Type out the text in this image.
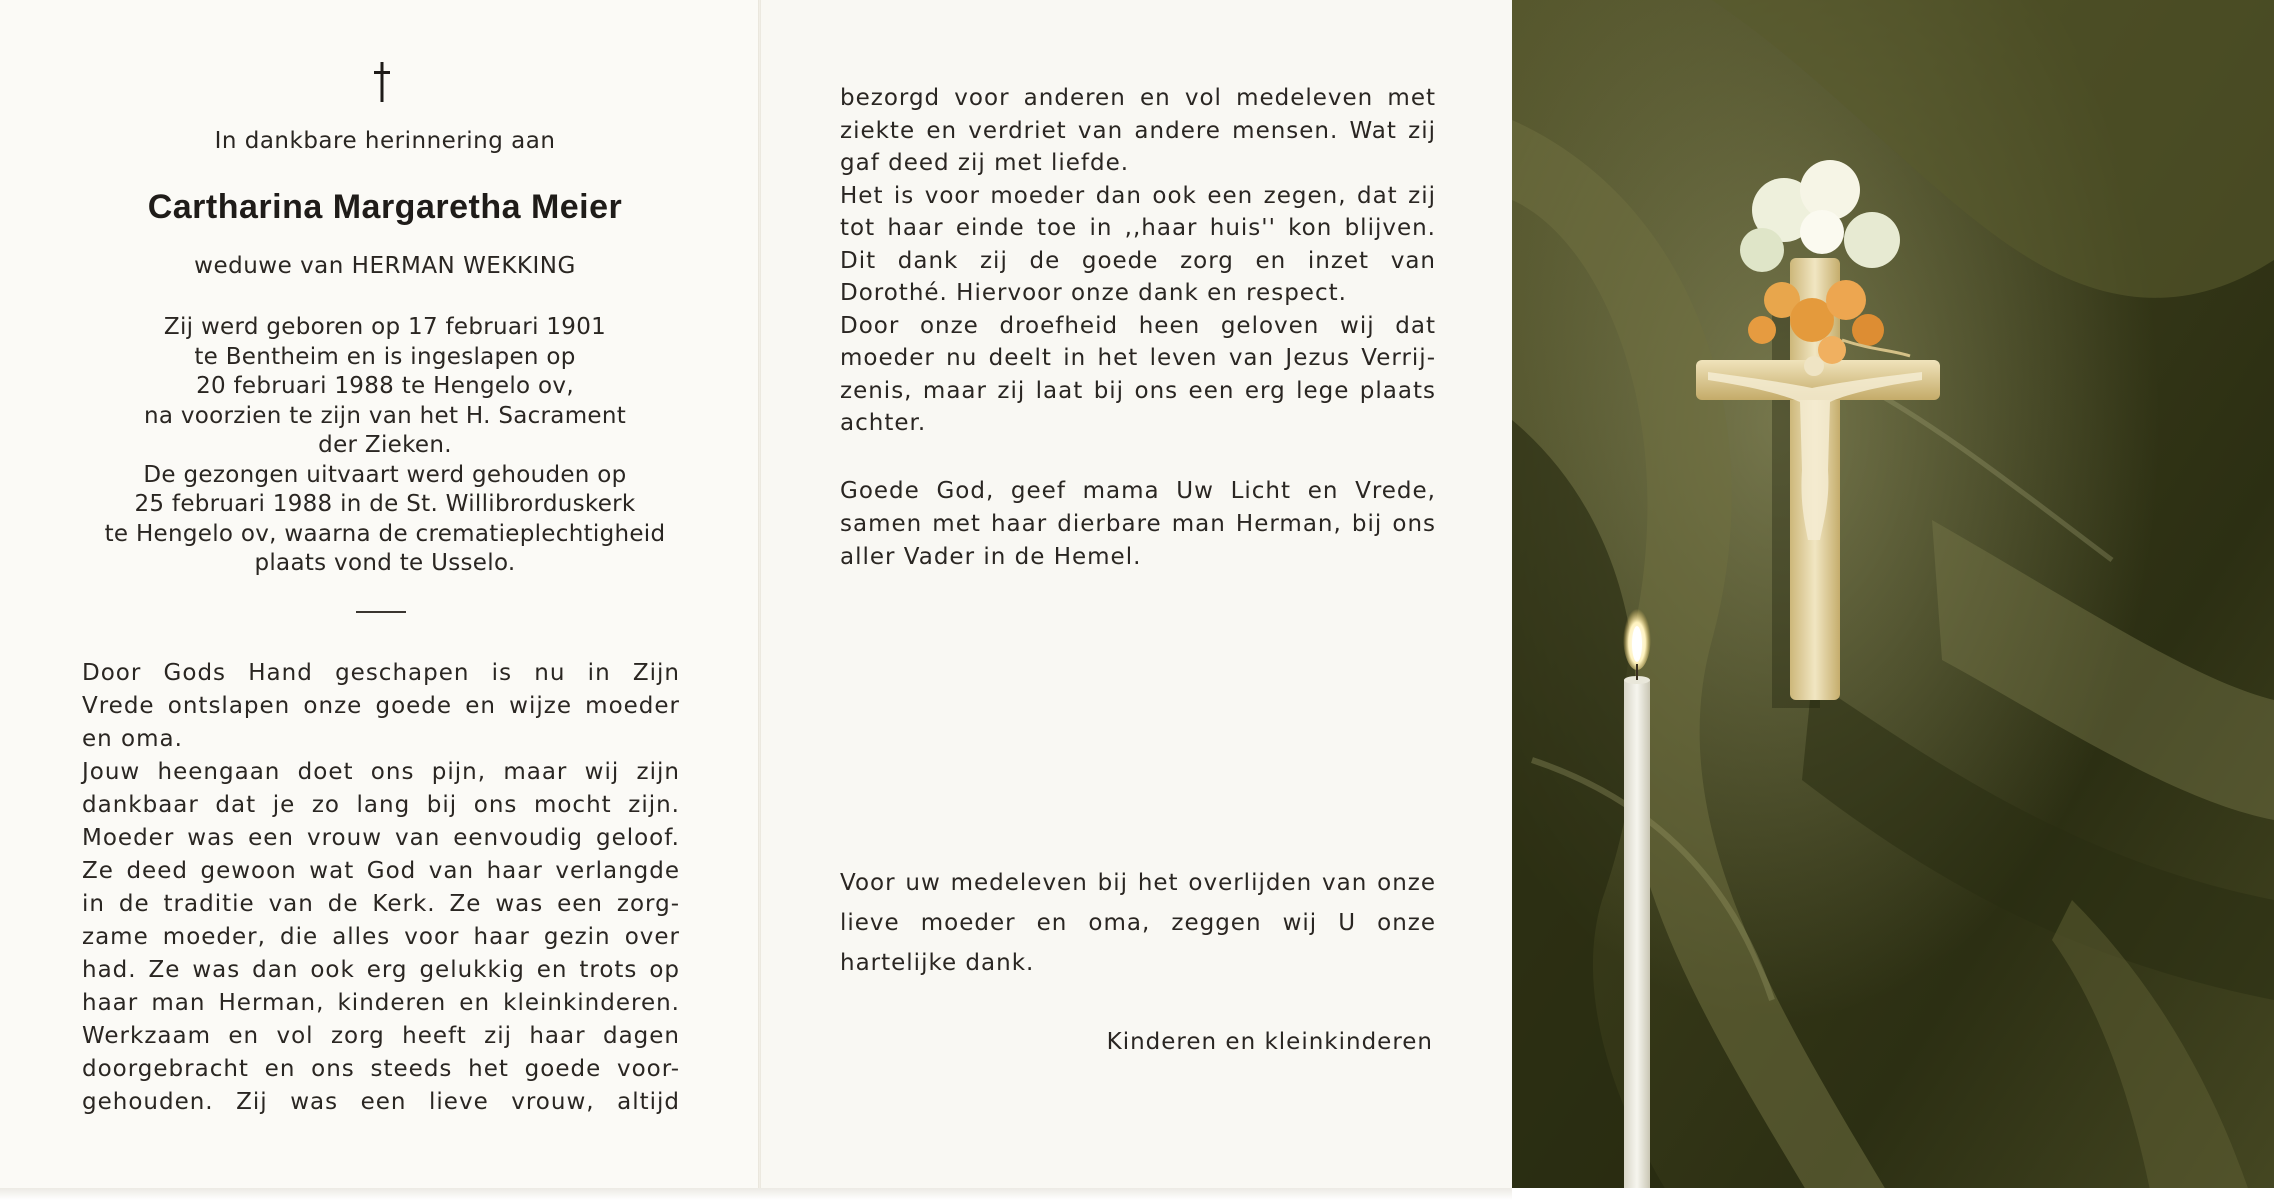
In dankbare herinnering aan
Cartharina Margaretha Meier
weduwe van HERMAN WEKKING
Zij werd geboren op 17 februari 1901
te Bentheim en is ingeslapen op
20 februari 1988 te Hengelo ov,
na voorzien te zijn van het H. Sacrament
der Zieken.
De gezongen uitvaart werd gehouden op
25 februari 1988 in de St. Willibrorduskerk
te Hengelo ov, waarna de crematieplechtigheid
plaats vond te Usselo.
Door Gods Hand geschapen is nu in Zijn
Vrede ontslapen onze goede en wijze moeder
en oma.
Jouw heengaan doet ons pijn, maar wij zijn
dankbaar dat je zo lang bij ons mocht zijn.
Moeder was een vrouw van eenvoudig geloof.
Ze deed gewoon wat God van haar verlangde
in de traditie van de Kerk. Ze was een zorg-
zame moeder, die alles voor haar gezin over
had. Ze was dan ook erg gelukkig en trots op
haar man Herman, kinderen en kleinkinderen.
Werkzaam en vol zorg heeft zij haar dagen
doorgebracht en ons steeds het goede voor-
gehouden. Zij was een lieve vrouw, altijd
bezorgd voor anderen en vol medeleven met
ziekte en verdriet van andere mensen. Wat zij
gaf deed zij met liefde.
Het is voor moeder dan ook een zegen, dat zij
tot haar einde toe in ,,haar huis'' kon blijven.
Dit dank zij de goede zorg en inzet van
Dorothé. Hiervoor onze dank en respect.
Door onze droefheid heen geloven wij dat
moeder nu deelt in het leven van Jezus Verrij-
zenis, maar zij laat bij ons een erg lege plaats
achter.
Goede God, geef mama Uw Licht en Vrede,
samen met haar dierbare man Herman, bij ons
aller Vader in de Hemel.
Voor uw medeleven bij het overlijden van onze
lieve moeder en oma, zeggen wij U onze
hartelijke dank.
Kinderen en kleinkinderen
